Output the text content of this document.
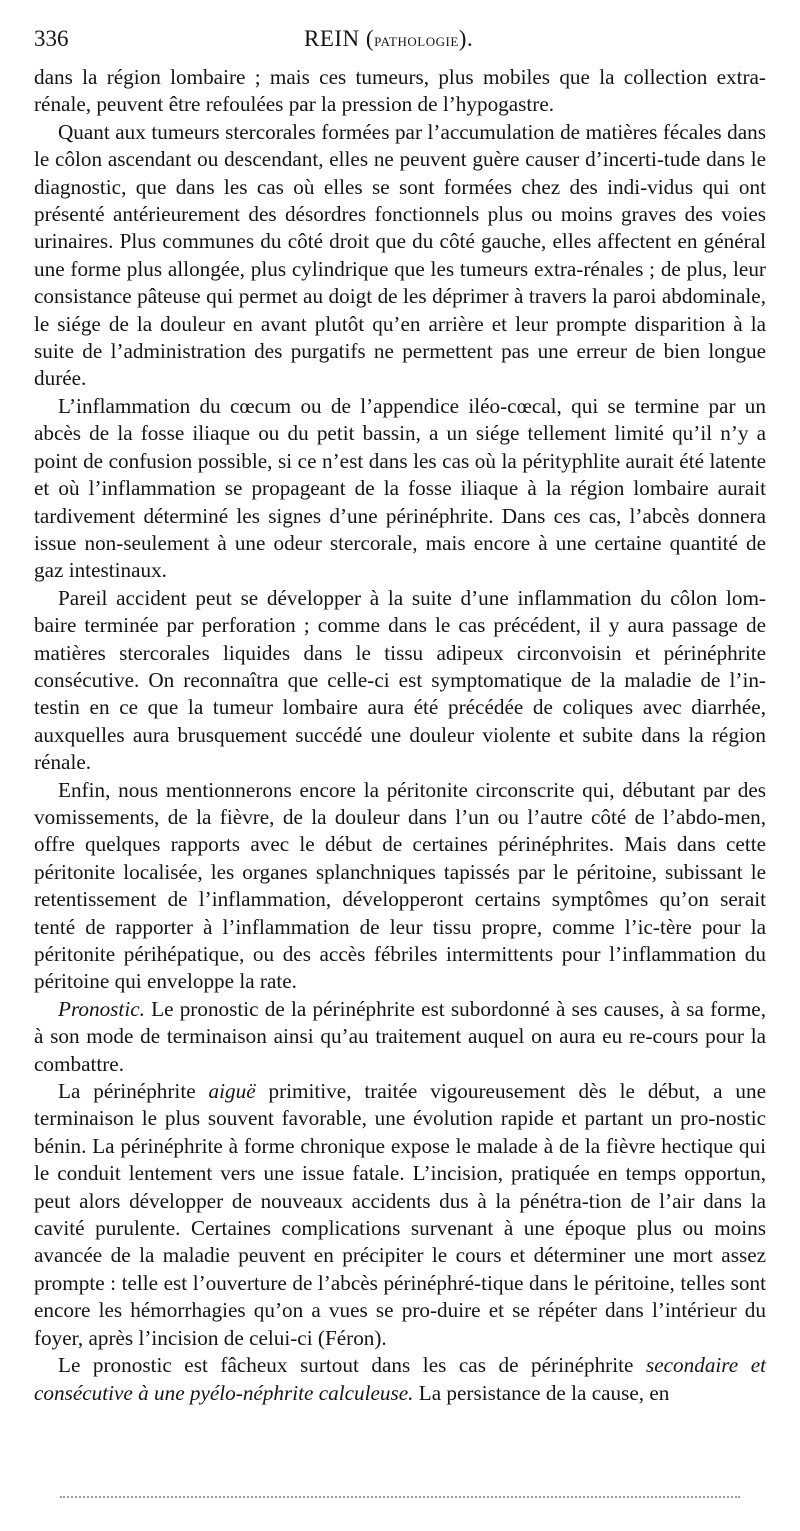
336	REIN (pathologie).

dans la région lombaire ; mais ces tumeurs, plus mobiles que la collection extra-rénale, peuvent être refoulées par la pression de l’hypogastre.

Quant aux tumeurs stercorales formées par l’accumulation de matières fécales dans le côlon ascendant ou descendant, elles ne peuvent guère causer d’incerti-tude dans le diagnostic, que dans les cas où elles se sont formées chez des indi-vidus qui ont présenté antérieurement des désordres fonctionnels plus ou moins graves des voies urinaires. Plus communes du côté droit que du côté gauche, elles affectent en général une forme plus allongée, plus cylindrique que les tumeurs extra-rénales ; de plus, leur consistance pâteuse qui permet au doigt de les déprimer à travers la paroi abdominale, le siége de la douleur en avant plutôt qu’en arrière et leur prompte disparition à la suite de l’administration des purgatifs ne permettent pas une erreur de bien longue durée.

L’inflammation du cœcum ou de l’appendice iléo-cœcal, qui se termine par un abcès de la fosse iliaque ou du petit bassin, a un siége tellement limité qu’il n’y a point de confusion possible, si ce n’est dans les cas où la pérityphlite aurait été latente et où l’inflammation se propageant de la fosse iliaque à la région lombaire aurait tardivement déterminé les signes d’une périnéphrite. Dans ces cas, l’abcès donnera issue non-seulement à une odeur stercorale, mais encore à une certaine quantité de gaz intestinaux.

Pareil accident peut se développer à la suite d’une inflammation du côlon lom-baire terminée par perforation ; comme dans le cas précédent, il y aura passage de matières stercorales liquides dans le tissu adipeux circonvoisin et périnéphrite consécutive. On reconnaîtra que celle-ci est symptomatique de la maladie de l’in-testin en ce que la tumeur lombaire aura été précédée de coliques avec diarrhée, auxquelles aura brusquement succédé une douleur violente et subite dans la région rénale.

Enfin, nous mentionnerons encore la péritonite circonscrite qui, débutant par des vomissements, de la fièvre, de la douleur dans l’un ou l’autre côté de l’abdo-men, offre quelques rapports avec le début de certaines périnéphrites. Mais dans cette péritonite localisée, les organes splanchniques tapissés par le péritoine, subissant le retentissement de l’inflammation, développeront certains symptômes qu’on serait tenté de rapporter à l’inflammation de leur tissu propre, comme l’ic-tère pour la péritonite périhépatique, ou des accès fébriles intermittents pour l’inflammation du péritoine qui enveloppe la rate.

Pronostic. Le pronostic de la périnéphrite est subordonné à ses causes, à sa forme, à son mode de terminaison ainsi qu’au traitement auquel on aura eu re-cours pour la combattre.

La périnéphrite aiguë primitive, traitée vigoureusement dès le début, a une terminaison le plus souvent favorable, une évolution rapide et partant un pro-nostic bénin. La périnéphrite à forme chronique expose le malade à de la fièvre hectique qui le conduit lentement vers une issue fatale. L’incision, pratiquée en temps opportun, peut alors développer de nouveaux accidents dus à la pénétra-tion de l’air dans la cavité purulente. Certaines complications survenant à une époque plus ou moins avancée de la maladie peuvent en précipiter le cours et déterminer une mort assez prompte : telle est l’ouverture de l’abcès périnéphré-tique dans le péritoine, telles sont encore les hémorrhagies qu’on a vues se pro-duire et se répéter dans l’intérieur du foyer, après l’incision de celui-ci (Féron).

Le pronostic est fâcheux surtout dans les cas de périnéphrite secondaire et consécutive à une pyélo-néphrite calculeuse. La persistance de la cause, en
